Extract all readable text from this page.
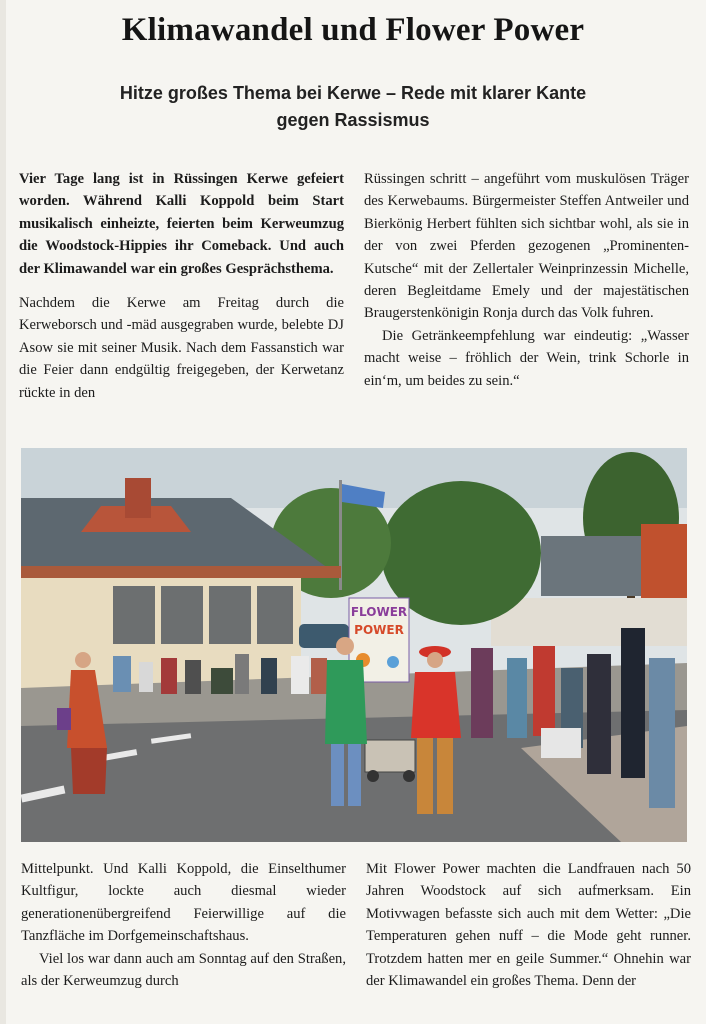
Klimawandel und Flower Power
Hitze großes Thema bei Kerwe – Rede mit klarer Kante
gegen Rassismus

Vier Tage lang ist in Rüssingen Kerwe gefeiert worden. Während Kalli Koppold beim Start musikalisch einheizte, feierten beim Kerweumzug die Woodstock-Hippies ihr Comeback. Und auch der Klimawandel war ein großes Gesprächsthema.

Nachdem die Kerwe am Freitag durch die Kerweborsch und -mäd ausgegraben wurde, belebte DJ Asow sie mit seiner Musik. Nach dem Fassanstich war die Feier dann endgültig freigegeben, der Kerwetanz rückte in den

Rüssingen schritt – angeführt vom muskulösen Träger des Kerwebaums. Bürgermeister Steffen Antweiler und Bierkönig Herbert fühlten sich sichtbar wohl, als sie in der von zwei Pferden gezogenen „Prominenten-Kutsche“ mit der Zellertaler Weinprinzessin Michelle, deren Begleitdame Emely und der majestätischen Braugerstenkönigin Ronja durch das Volk fuhren.

Die Getränkeempfehlung war eindeutig: „Wasser macht weise – fröhlich der Wein, trink Schorle in ein‘m, um beides zu sein.“

FLOWER
POWER

Mittelpunkt. Und Kalli Koppold, die Einselthumer Kultfigur, lockte auch diesmal wieder generationenübergreifend Feierwillige auf die Tanzfläche im Dorfgemeinschaftshaus.

Viel los war dann auch am Sonntag auf den Straßen, als der Kerweumzug durch

Mit Flower Power machten die Landfrauen nach 50 Jahren Woodstock auf sich aufmerksam. Ein Motivwagen befasste sich auch mit dem Wetter: „Die Temperaturen gehen nuff – die Mode geht runner. Trotzdem hatten mer en geile Summer.“ Ohnehin war der Klimawandel ein großes Thema. Denn der
